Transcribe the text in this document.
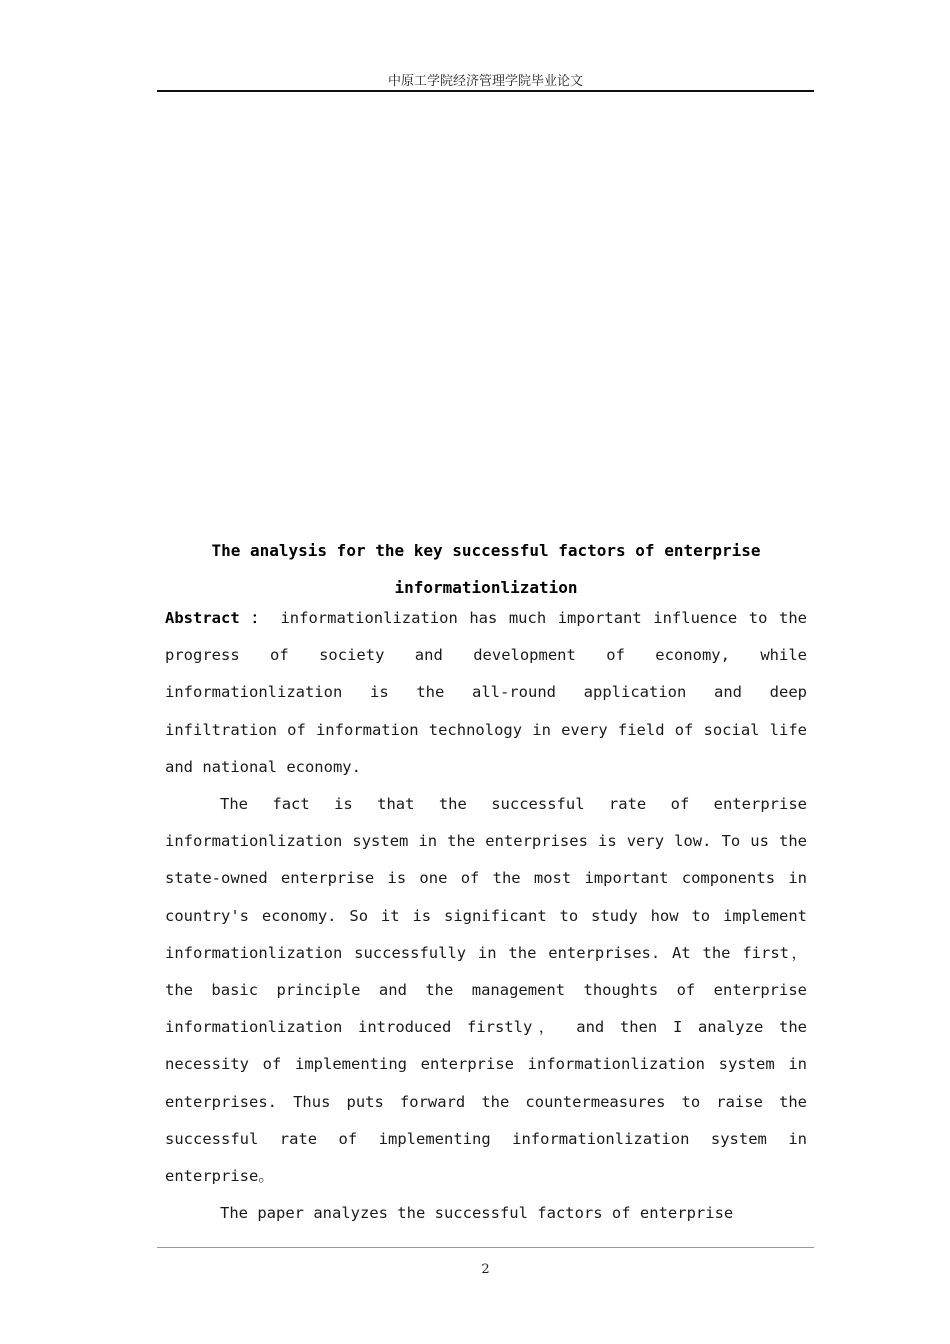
中原工学院经济管理学院毕业论文
The analysis for the key successful factors of enterprise
informationlization

Abstract ： informationlization has much important influence to the progress of society and development of economy, while informationlization is the all-round application and deep infiltration of information technology in every field of social life and national economy.

The fact is that the successful rate of enterprise informationlization system in the enterprises is very low. To us the state-owned enterprise is one of the most important components in country's economy. So it is significant to study how to implement informationlization successfully in the enterprises. At the first， the basic principle and the management thoughts of enterprise informationlization introduced firstly， and then I analyze the necessity of implementing enterprise informationlization system in enterprises. Thus puts forward the countermeasures to raise the successful rate of implementing informationlization system in enterprise。

The paper analyzes the successful factors of enterprise

2
